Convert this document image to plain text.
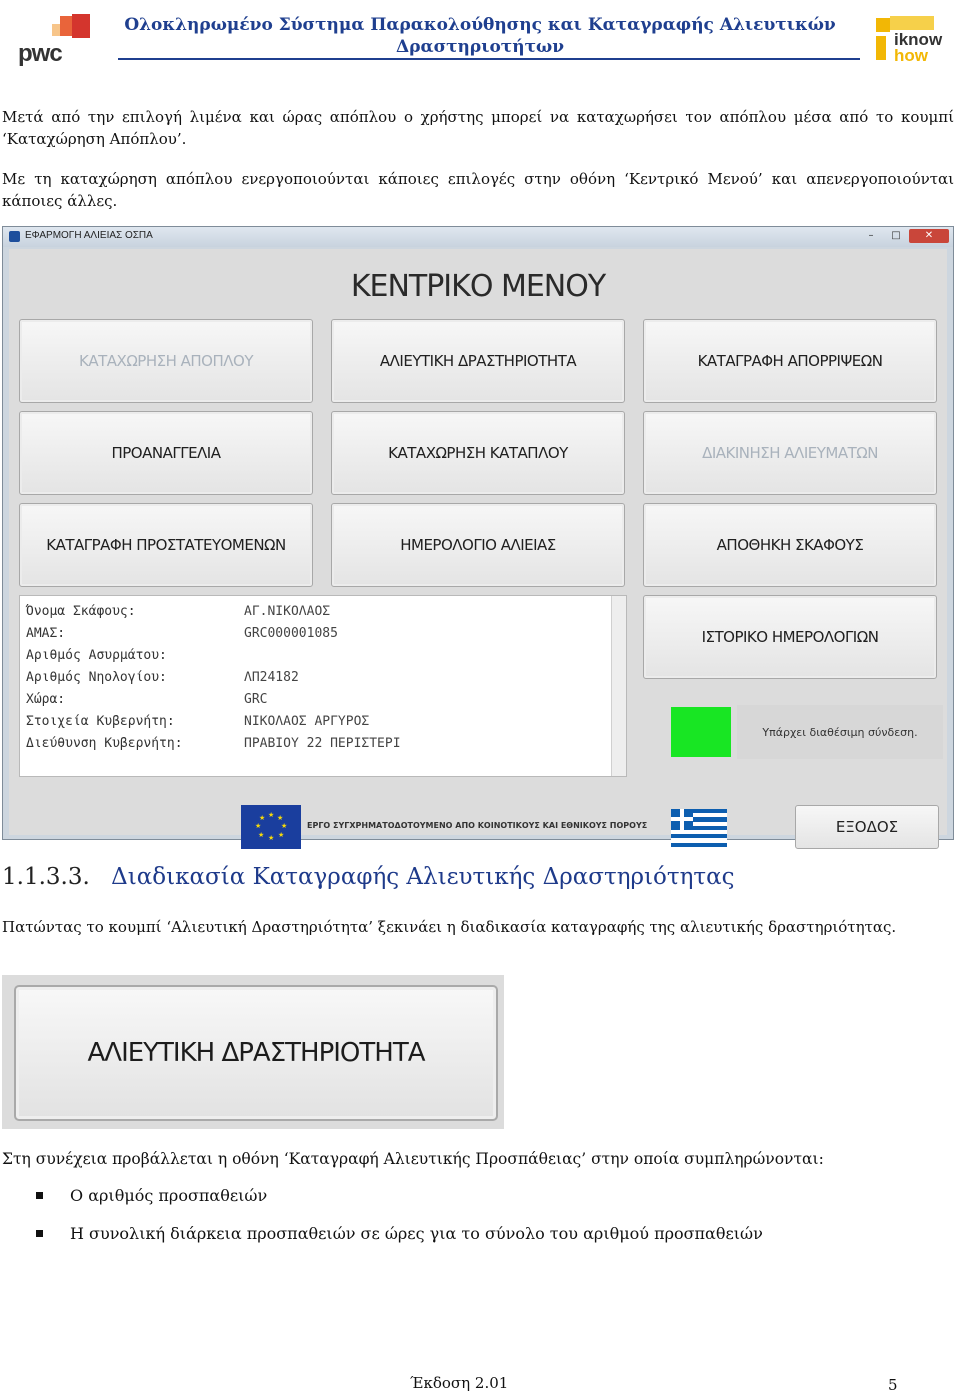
pwc
Ολοκληρωμένο Σύστημα Παρακολούθησης και Καταγραφής Αλιευτικών
Δραστηριοτήτων	iknow
how
Μετά από την επιλογή λιμένα και ώρας απόπλου ο χρήστης μπορεί να καταχωρήσει τον απόπλου μέσα από το κουμπί ‘Καταχώρηση Απόπλου’.
Με τη καταχώρηση απόπλου ενεργοποιούνται κάποιες επιλογές στην οθόνη ‘Κεντρικό Μενού’ και απενεργοποιούνται κάποιες άλλες.
ΕΦΑΡΜΟΓΗ ΑΛΙΕΙΑΣ ΟΣΠΑ	–	□	✕
ΚΕΝΤΡΙΚΟ ΜΕΝΟΥ
ΚΑΤΑΧΩΡΗΣΗ ΑΠΟΠΛΟΥ	ΑΛΙΕΥΤΙΚΗ ΔΡΑΣΤΗΡΙΟΤΗΤΑ	ΚΑΤΑΓΡΑΦΗ ΑΠΟΡΡΙΨΕΩΝ
ΠΡΟΑΝΑΓΓΕΛΙΑ	ΚΑΤΑΧΩΡΗΣΗ ΚΑΤΑΠΛΟΥ	ΔΙΑΚΙΝΗΣΗ ΑΛΙΕΥΜΑΤΩΝ
ΚΑΤΑΓΡΑΦΗ ΠΡΟΣΤΑΤΕΥΟΜΕΝΩΝ	ΗΜΕΡΟΛΟΓΙΟ ΑΛΙΕΙΑΣ	ΑΠΟΘΗΚΗ ΣΚΑΦΟΥΣ
Όνομα Σκάφους:	ΑΓ.ΝΙΚΟΛΑΟΣ
ΑΜΑΣ:	GRC000001085
Αριθμός Ασυρμάτου:
Αριθμός Νηολογίου:	ΛΠ24182
Χώρα:	GRC
Στοιχεία Κυβερνήτη:	ΝΙΚΟΛΑΟΣ ΑΡΓΥΡΟΣ
Διεύθυνση Κυβερνήτη:	ΠΡΑΒΙΟΥ 22 ΠΕΡΙΣΤΕΡΙ
ΙΣΤΟΡΙΚΟ ΗΜΕΡΟΛΟΓΙΩΝ
Υπάρχει διαθέσιμη σύνδεση.
★ ★
★
★
★
★
★
★
ΕΡΓΟ ΣΥΓΧΡΗΜΑΤΟΔΟΤΟΥΜΕΝΟ ΑΠΟ ΚΟΙΝΟΤΙΚΟΥΣ ΚΑΙ ΕΘΝΙΚΟΥΣ ΠΟΡΟΥΣ	ΕΞΟΔΟΣ
1.1.3.3. Διαδικασία Καταγραφής Αλιευτικής Δραστηριότητας
Πατώντας το κουμπί ‘Αλιευτική Δραστηριότητα’ ξεκινάει η διαδικασία καταγραφής της αλιευτικής δραστηριότητας.
ΑΛΙΕΥΤΙΚΗ ΔΡΑΣΤΗΡΙΟΤΗΤΑ
Στη συνέχεια προβάλλεται η οθόνη ‘Καταγραφή Αλιευτικής Προσπάθειας’ στην οποία συμπληρώνονται:
Ο αριθμός προσπαθειών
Η συνολική διάρκεια προσπαθειών σε ώρες για το σύνολο του αριθμού προσπαθειών
Έκδοση 2.01	5
